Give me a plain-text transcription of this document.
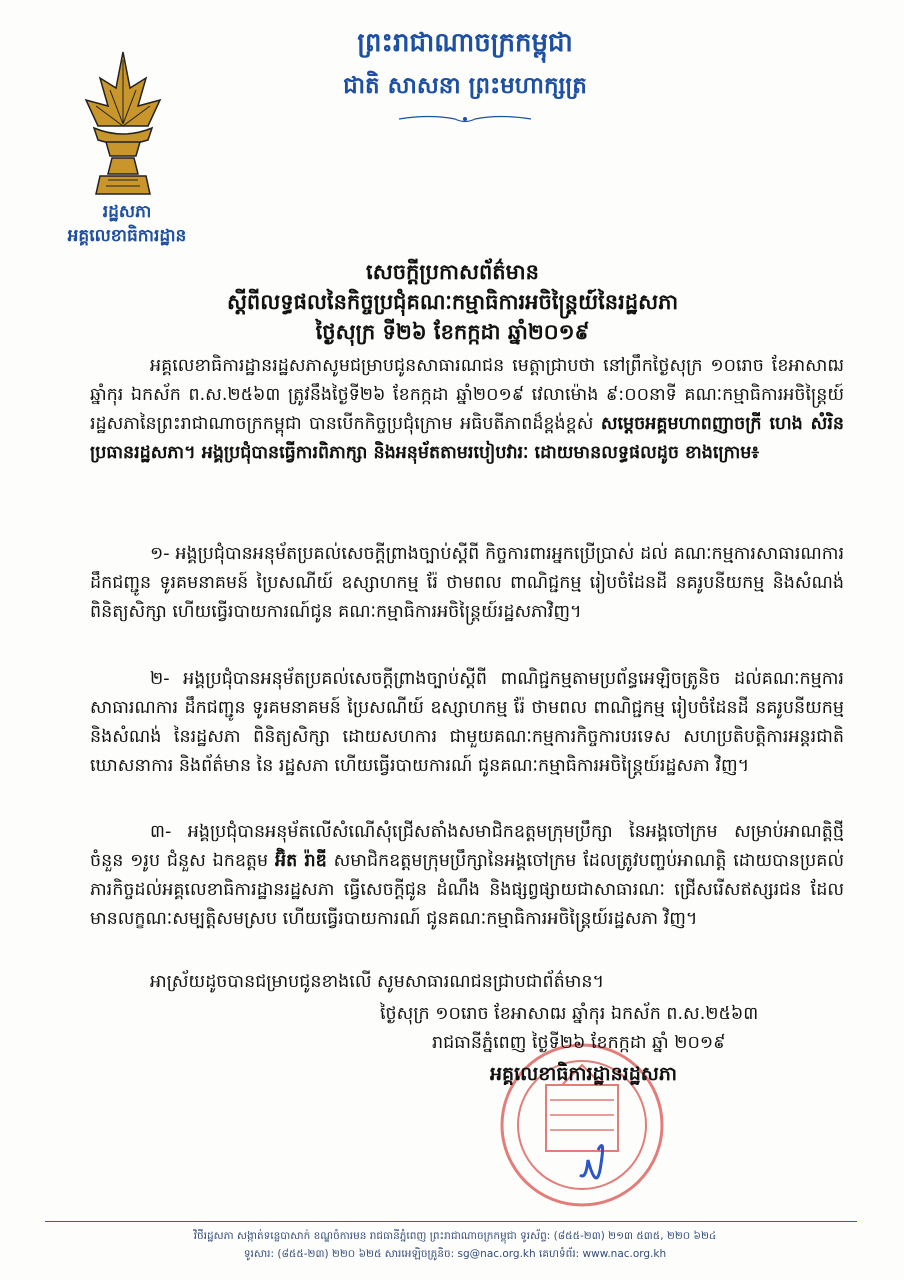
រដ្ឋសភា
អគ្គលេខាធិការដ្ឋាន
ព្រះរាជាណាចក្រកម្ពុជា
ជាតិ សាសនា ព្រះមហាក្សត្រ
សេចក្តីប្រកាសព័ត៌មាន
ស្តីពីលទ្ធផលនៃកិច្ចប្រជុំគណៈកម្មាធិការអចិន្ត្រៃយ៍នៃរដ្ឋសភា
ថ្ងៃសុក្រ ទី២៦ ខែកក្កដា ឆ្នាំ២០១៩
អគ្គលេខាធិការដ្ឋានរដ្ឋសភាសូមជម្រាបជូនសាធារណជន មេត្តាជ្រាបថា នៅព្រឹកថ្ងៃសុក្រ ១០រោច ខែអាសាឍ ឆ្នាំកុរ ឯកស័ក ព.ស.២៥៦៣ ត្រូវនឹងថ្ងៃទី២៦ ខែកក្កដា ឆ្នាំ២០១៩ វេលាម៉ោង ៩:០០នាទី គណៈកម្មាធិការអចិន្ត្រៃយ៍រដ្ឋសភានៃព្រះរាជាណាចក្រកម្ពុជា បានបើកកិច្ចប្រជុំក្រោម អធិបតីភាពដ៏ខ្ពង់ខ្ពស់ សម្តេចអគ្គមហាពញាចក្រី ហេង សំរិន ប្រធានរដ្ឋសភា។ អង្គប្រជុំបានធ្វើការពិភាក្សា និងអនុម័តតាមរបៀបវារៈ ដោយមានលទ្ធផលដូច ខាងក្រោម៖
១- អង្គប្រជុំបានអនុម័តប្រគល់សេចក្តីព្រាងច្បាប់ស្តីពី កិច្ចការពារអ្នកប្រើប្រាស់ ដល់ គណៈកម្មការសាធារណការ ដឹកជញ្ជូន ទូរគមនាគមន៍ ប្រៃសណីយ៍ ឧស្សាហកម្ម រ៉ែ ថាមពល ពាណិជ្ជកម្ម រៀបចំដែនដី នគរូបនីយកម្ម និងសំណង់ ពិនិត្យសិក្សា ហើយធ្វើរបាយការណ៍ជូន គណៈកម្មាធិការអចិន្ត្រៃយ៍រដ្ឋសភាវិញ។
២- អង្គប្រជុំបានអនុម័តប្រគល់សេចក្តីព្រាងច្បាប់ស្តីពី ពាណិជ្ជកម្មតាមប្រព័ន្ធអេឡិចត្រូនិច ដល់គណៈកម្មការសាធារណការ ដឹកជញ្ជូន ទូរគមនាគមន៍ ប្រៃសណីយ៍ ឧស្សាហកម្ម រ៉ែ ថាមពល ពាណិជ្ជកម្ម រៀបចំដែនដី នគរូបនីយកម្ម និងសំណង់ នៃរដ្ឋសភា ពិនិត្យសិក្សា ដោយសហការ ជាមួយគណៈកម្មការកិច្ចការបរទេស សហប្រតិបត្តិការអន្តរជាតិ ឃោសនាការ និងព័ត៌មាន នៃ រដ្ឋសភា ហើយធ្វើរបាយការណ៍ ជូនគណៈកម្មាធិការអចិន្ត្រៃយ៍រដ្ឋសភា វិញ។
៣- អង្គប្រជុំបានអនុម័តលើសំណើសុំជ្រើសតាំងសមាជិកឧត្តមក្រុមប្រឹក្សា នៃអង្គចៅក្រម សម្រាប់អាណត្តិថ្មី ចំនួន ១រូប ជំនួស ឯកឧត្តម អ៊ិត រ៉ាឌី សមាជិកឧត្តមក្រុមប្រឹក្សានៃអង្គចៅក្រម ដែលត្រូវបញ្ចប់អាណត្តិ ដោយបានប្រគល់ភារកិច្ចដល់អគ្គលេខាធិការដ្ឋានរដ្ឋសភា ធ្វើសេចក្តីជូន ដំណឹង និងផ្សព្វផ្សាយជាសាធារណៈ ជ្រើសរើសឥស្សរជន ដែលមានលក្ខណៈសម្បត្តិសមស្រប ហើយធ្វើរបាយការណ៍ ជូនគណៈកម្មាធិការអចិន្ត្រៃយ៍រដ្ឋសភា វិញ។
អាស្រ័យដូចបានជម្រាបជូនខាងលើ សូមសាធារណជនជ្រាបជាព័ត៌មាន។
ថ្ងៃសុក្រ ១០រោច ខែអាសាឍ ឆ្នាំកុរ ឯកស័ក ព.ស.២៥៦៣
រាជធានីភ្នំពេញ ថ្ងៃទី២៦ ខែកក្កដា ឆ្នាំ ២០១៩
អគ្គលេខាធិការដ្ឋានរដ្ឋសភា
វិថីរដ្ឋសភា សង្កាត់ទន្លេបាសាក់ ខណ្ឌចំការមន រាជធានីភ្នំពេញ ព្រះរាជាណាចក្រកម្ពុជា ទូរស័ព្ទ: (៨៥៥-២៣) ២១៣ ៥៣៥, ២២០ ៦២៤
ទូរសារ: (៨៥៥-២៣) ២២០ ៦២៥ សារអេឡិចត្រូនិច: sg@nac.org.kh គេហទំព័រ: www.nac.org.kh
